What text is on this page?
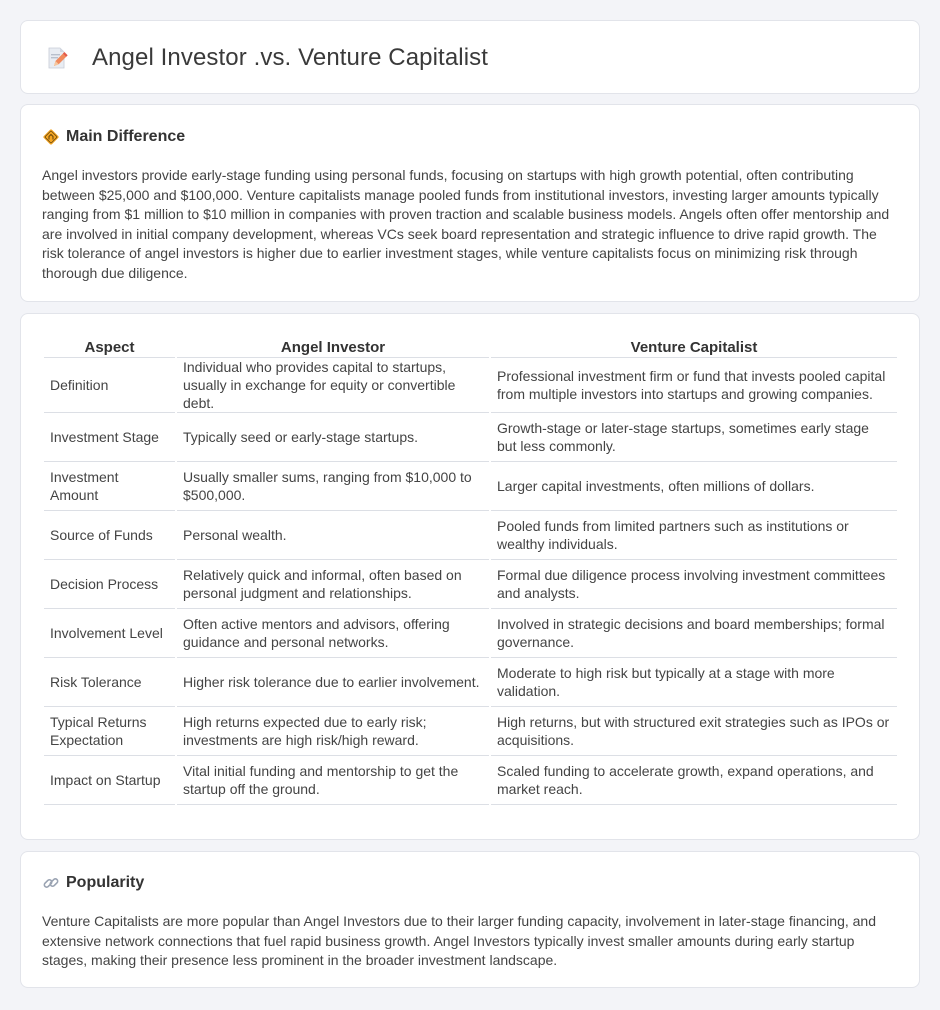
Angel Investor .vs. Venture Capitalist
Main Difference

Angel investors provide early-stage funding using personal funds, focusing on startups with high growth potential, often contributing between $25,000 and $100,000. Venture capitalists manage pooled funds from institutional investors, investing larger amounts typically ranging from $1 million to $10 million in companies with proven traction and scalable business models. Angels often offer mentorship and are involved in initial company development, whereas VCs seek board representation and strategic influence to drive rapid growth. The risk tolerance of angel investors is higher due to earlier investment stages, while venture capitalists focus on minimizing risk through thorough due diligence.

Aspect	Angel Investor	Venture Capitalist
Definition	Individual who provides capital to startups, usually in exchange for equity or convertible debt.	Professional investment firm or fund that invests pooled capital from multiple investors into startups and growing companies.
Investment Stage	Typically seed or early-stage startups.	Growth-stage or later-stage startups, sometimes early stage but less commonly.
Investment Amount	Usually smaller sums, ranging from $10,000 to $500,000.	Larger capital investments, often millions of dollars.
Source of Funds	Personal wealth.	Pooled funds from limited partners such as institutions or wealthy individuals.
Decision Process	Relatively quick and informal, often based on personal judgment and relationships.	Formal due diligence process involving investment committees and analysts.
Involvement Level	Often active mentors and advisors, offering guidance and personal networks.	Involved in strategic decisions and board memberships; formal governance.
Risk Tolerance	Higher risk tolerance due to earlier involvement.	Moderate to high risk but typically at a stage with more validation.
Typical Returns Expectation	High returns expected due to early risk; investments are high risk/high reward.	High returns, but with structured exit strategies such as IPOs or acquisitions.
Impact on Startup	Vital initial funding and mentorship to get the startup off the ground.	Scaled funding to accelerate growth, expand operations, and market reach.
Popularity

Venture Capitalists are more popular than Angel Investors due to their larger funding capacity, involvement in later-stage financing, and extensive network connections that fuel rapid business growth. Angel Investors typically invest smaller amounts during early startup stages, making their presence less prominent in the broader investment landscape.
